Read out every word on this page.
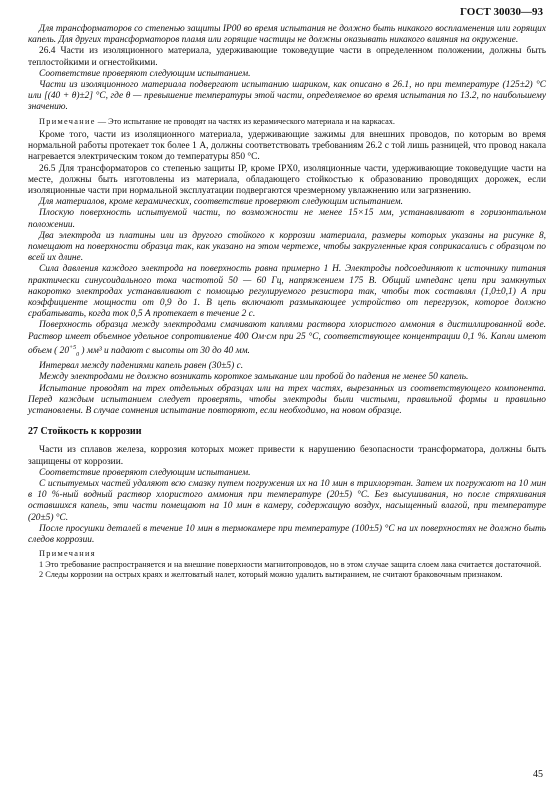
ГОСТ 30030—93

Для трансформаторов со степенью защиты IP00 во время испытания не должно быть никакого воспламенения или горящих капель. Для других трансформаторов пламя или горящие частицы не должны оказывать никакого влияния на окружение.

26.4 Части из изоляционного материала, удерживающие токоведущие части в определенном положении, должны быть теплостойкими и огнестойкими.

Соответствие проверяют следующим испытанием.

Части из изоляционного материала подвергают испытанию шариком, как описано в 26.1, но при температуре (125±2) °С или [(40 + θ)±2] °С, где θ — превышение температуры этой части, определяемое во время испытания по 13.2, по наибольшему значению.

Примечание — Это испытание не проводят на частях из керамического материала и на каркасах.

Кроме того, части из изоляционного материала, удерживающие зажимы для внешних проводов, по которым во время нормальной работы протекает ток более 1 А, должны соответствовать требованиям 26.2 с той лишь разницей, что провод накала нагревается электрическим током до температуры 850 °С.

26.5 Для трансформаторов со степенью защиты IP, кроме IPX0, изоляционные части, удерживающие токоведущие части на месте, должны быть изготовлены из материала, обладающего стойкостью к образованию проводящих дорожек, если изоляционные части при нормальной эксплуатации подвергаются чрезмерному увлажнению или загрязнению.

Для материалов, кроме керамических, соответствие проверяют следующим испытанием.

Плоскую поверхность испытуемой части, по возможности не менее 15×15 мм, устанавливают в горизонтальном положении.

Два электрода из платины или из другого стойкого к коррозии материала, размеры которых указаны на рисунке 8, помещают на поверхности образца так, как указано на этом чертеже, чтобы закругленные края соприкасались с образцом по всей их длине.

Сила давления каждого электрода на поверхность равна примерно 1 Н. Электроды подсоединяют к источнику питания практически синусоидального тока частотой 50 — 60 Гц, напряжением 175 В. Общий импеданс цепи при замкнутых накоротко электродах устанавливают с помощью регулируемого резистора так, чтобы ток составлял (1,0±0,1) А при коэффициенте мощности от 0,9 до 1. В цепь включают размыкающее устройство от перегрузок, которое должно срабатывать, когда ток 0,5 А протекает в течение 2 с.

Поверхность образца между электродами смачивают каплями раствора хлористого аммония в дистиллированной воде. Раствор имеет объемное удельное сопротивление 400 Ом·см при 25 °С, соответствующее концентрации 0,1 %. Капли имеют объем ( $20^{+5}_0$ ) мм³ и падают с высоты от 30 до 40 мм.

Интервал между падениями капель равен (30±5) с.

Между электродами не должно возникать короткое замыкание или пробой до падения не менее 50 капель.

Испытание проводят на трех отдельных образцах или на трех частях, вырезанных из соответствующего компонента. Перед каждым испытанием следует проверять, чтобы электроды были чистыми, правильной формы и правильно установлены. В случае сомнения испытание повторяют, если необходимо, на новом образце.

27 Стойкость к коррозии

Части из сплавов железа, коррозия которых может привести к нарушению безопасности трансформатора, должны быть защищены от коррозии.

Соответствие проверяют следующим испытанием.

С испытуемых частей удаляют всю смазку путем погружения их на 10 мин в трихлорэтан. Затем их погружают на 10 мин в 10 %-ный водный раствор хлористого аммония при температуре (20±5) °С. Без высушивания, но после стряхивания оставшихся капель, эти части помещают на 10 мин в камеру, содержащую воздух, насыщенный влагой, при температуре (20±5) °С.

После просушки деталей в течение 10 мин в термокамере при температуре (100±5) °С на их поверхностях не должно быть следов коррозии.

Примечания

1 Это требование распространяется и на внешние поверхности магнитопроводов, но в этом случае защита слоем лака считается достаточной.

2 Следы коррозии на острых краях и желтоватый налет, который можно удалить вытиранием, не считают браковочным признаком.

45
